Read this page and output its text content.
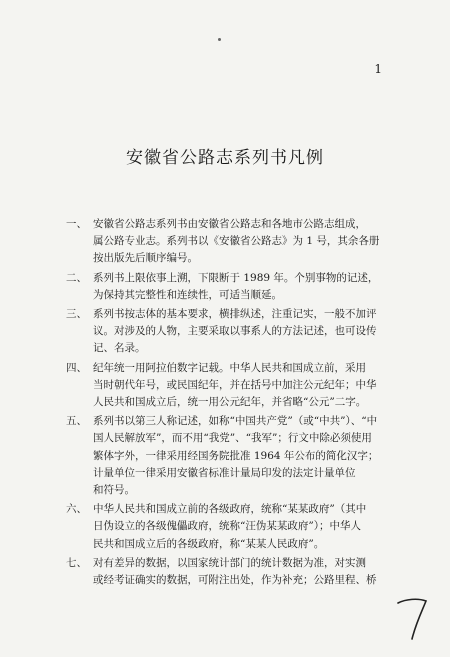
1
安徽省公路志系列书凡例
一、 安徽省公路志系列书由安徽省公路志和各地市公路志组成，
属公路专业志。系列书以《安徽省公路志》为 1 号，其余各册
按出版先后顺序编号。
二、 系列书上限依事上溯，下限断于 1989 年。个别事物的记述，
为保持其完整性和连续性，可适当顺延。
三、 系列书按志体的基本要求，横排纵述，注重记实，一般不加评
议。对涉及的人物，主要采取以事系人的方法记述，也可设传
记、名录。
四、 纪年统一用阿拉伯数字记载。中华人民共和国成立前，采用
当时朝代年号，或民国纪年，并在括号中加注公元纪年；中华
人民共和国成立后，统一用公元纪年，并省略“公元”二字。
五、 系列书以第三人称记述，如称“中国共产党”（或“中共”）、“中
国人民解放军”，而不用“我党”、“我军”；行文中除必须使用
繁体字外，一律采用经国务院批准 1964 年公布的简化汉字；
计量单位一律采用安徽省标准计量局印发的法定计量单位
和符号。
六、 中华人民共和国成立前的各级政府，统称“某某政府”（其中
日伪设立的各级傀儡政府，统称“汪伪某某政府”）；中华人
民共和国成立后的各级政府，称“某某人民政府”。
七、 对有差异的数据，以国家统计部门的统计数据为准，对实测
或经考证确实的数据，可附注出处，作为补充；公路里程、桥
